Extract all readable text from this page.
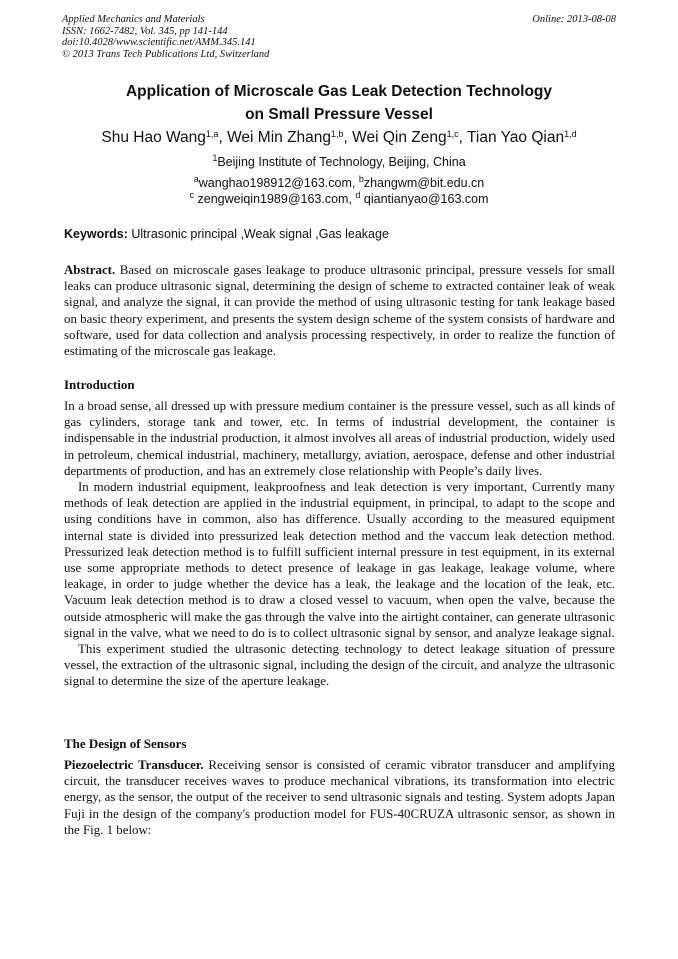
Applied Mechanics and Materials
ISSN: 1662-7482, Vol. 345, pp 141-144
doi:10.4028/www.scientific.net/AMM.345.141
© 2013 Trans Tech Publications Ltd, Switzerland
Online: 2013-08-08
Application of Microscale Gas Leak Detection Technology
on Small Pressure Vessel
Shu Hao Wang$^{1,a}$, Wei Min Zhang$^{1,b}$, Wei Qin Zeng$^{1,c}$, Tian Yao Qian$^{1,d}$
$^1$Beijing Institute of Technology, Beijing, China
$^a$wanghao198912@163.com, $^b$zhangwm@bit.edu.cn
$^c$ zengweiqin1989@163.com, $^d$ qiantianyao@163.com
Keywords: Ultrasonic principal ,Weak signal ,Gas leakage

Abstract. Based on microscale gases leakage to produce ultrasonic principal, pressure vessels for small leaks can produce ultrasonic signal, determining the design of scheme to extracted container leak of weak signal, and analyze the signal, it can provide the method of using ultrasonic testing for tank leakage based on basic theory experiment, and presents the system design scheme of the system consists of hardware and software, used for data collection and analysis processing respectively, in order to realize the function of estimating of the microscale gas leakage.

Introduction

In a broad sense, all dressed up with pressure medium container is the pressure vessel, such as all kinds of gas cylinders, storage tank and tower, etc. In terms of industrial development, the container is indispensable in the industrial production, it almost involves all areas of industrial production, widely used in petroleum, chemical industrial, machinery, metallurgy, aviation, aerospace, defense and other industrial departments of production, and has an extremely close relationship with People’s daily lives.

In modern industrial equipment, leakproofness and leak detection is very important, Currently many methods of leak detection are applied in the industrial equipment, in principal, to adapt to the scope and using conditions have in common, also has difference. Usually according to the measured equipment internal state is divided into pressurized leak detection method and the vaccum leak detection method. Pressurized leak detection method is to fulfill sufficient internal pressure in test equipment, in its external use some appropriate methods to detect presence of leakage in gas leakage, leakage volume, where leakage, in order to judge whether the device has a leak, the leakage and the location of the leak, etc. Vacuum leak detection method is to draw a closed vessel to vacuum, when open the valve, because the outside atmospheric will make the gas through the valve into the airtight container, can generate ultrasonic signal in the valve, what we need to do is to collect ultrasonic signal by sensor, and analyze leakage signal.

This experiment studied the ultrasonic detecting technology to detect leakage situation of pressure vessel, the extraction of the ultrasonic signal, including the design of the circuit, and analyze the ultrasonic signal to determine the size of the aperture leakage.

The Design of Sensors

Piezoelectric Transducer. Receiving sensor is consisted of ceramic vibrator transducer and amplifying circuit, the transducer receives waves to produce mechanical vibrations, its transformation into electric energy, as the sensor, the output of the receiver to send ultrasonic signals and testing. System adopts Japan Fuji in the design of the company's production model for FUS-40CRUZA ultrasonic sensor, as shown in the Fig. 1 below:
